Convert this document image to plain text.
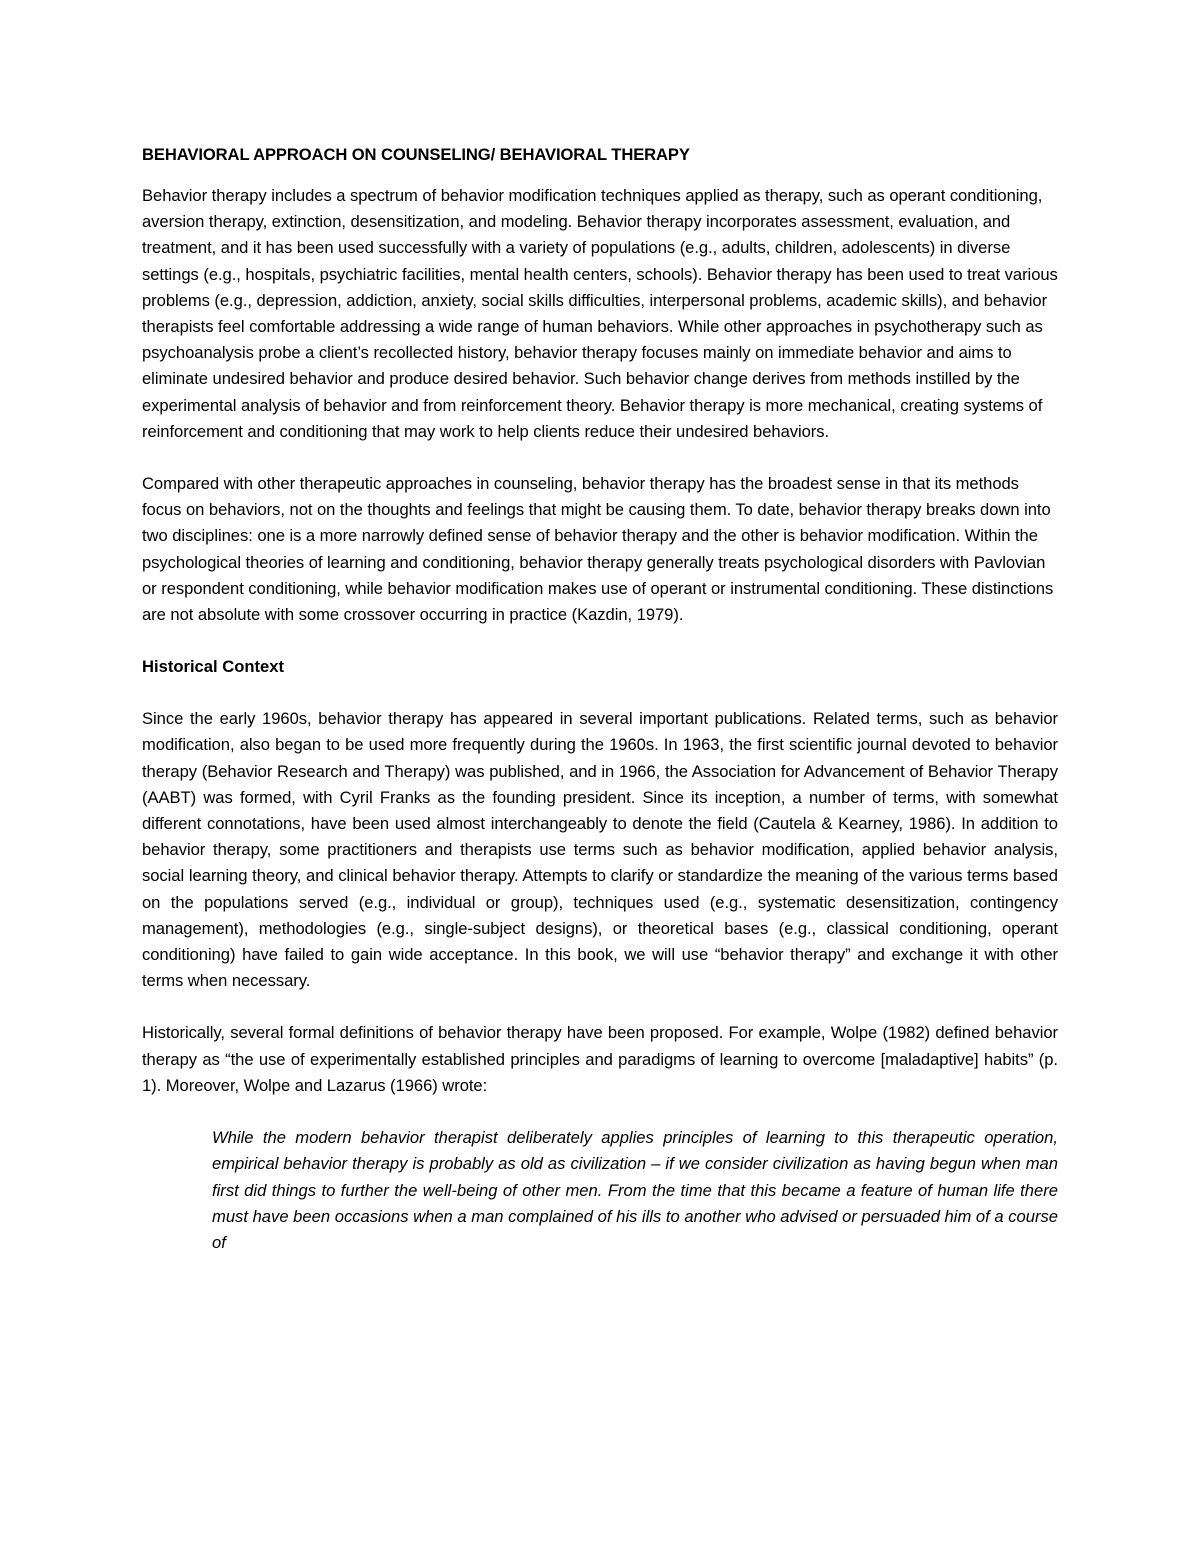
BEHAVIORAL APPROACH ON COUNSELING/ BEHAVIORAL THERAPY

Behavior therapy includes a spectrum of behavior modification techniques applied as therapy, such as operant conditioning, aversion therapy, extinction, desensitization, and modeling. Behavior therapy incorporates assessment, evaluation, and treatment, and it has been used successfully with a variety of populations (e.g., adults, children, adolescents) in diverse settings (e.g., hospitals, psychiatric facilities, mental health centers, schools). Behavior therapy has been used to treat various problems (e.g., depression, addiction, anxiety, social skills difficulties, interpersonal problems, academic skills), and behavior therapists feel comfortable addressing a wide range of human behaviors. While other approaches in psychotherapy such as psychoanalysis probe a client’s recollected history, behavior therapy focuses mainly on immediate behavior and aims to eliminate undesired behavior and produce desired behavior. Such behavior change derives from methods instilled by the experimental analysis of behavior and from reinforcement theory. Behavior therapy is more mechanical, creating systems of reinforcement and conditioning that may work to help clients reduce their undesired behaviors.

Compared with other therapeutic approaches in counseling, behavior therapy has the broadest sense in that its methods focus on behaviors, not on the thoughts and feelings that might be causing them. To date, behavior therapy breaks down into two disciplines: one is a more narrowly defined sense of behavior therapy and the other is behavior modification. Within the psychological theories of learning and conditioning, behavior therapy generally treats psychological disorders with Pavlovian or respondent conditioning, while behavior modification makes use of operant or instrumental conditioning. These distinctions are not absolute with some crossover occurring in practice (Kazdin, 1979).

Historical Context

Since the early 1960s, behavior therapy has appeared in several important publications. Related terms, such as behavior modification, also began to be used more frequently during the 1960s. In 1963, the first scientific journal devoted to behavior therapy (Behavior Research and Therapy) was published, and in 1966, the Association for Advancement of Behavior Therapy (AABT) was formed, with Cyril Franks as the founding president. Since its inception, a number of terms, with somewhat different connotations, have been used almost interchangeably to denote the field (Cautela & Kearney, 1986). In addition to behavior therapy, some practitioners and therapists use terms such as behavior modification, applied behavior analysis, social learning theory, and clinical behavior therapy. Attempts to clarify or standardize the meaning of the various terms based on the populations served (e.g., individual or group), techniques used (e.g., systematic desensitization, contingency management), methodologies (e.g., single-subject designs), or theoretical bases (e.g., classical conditioning, operant conditioning) have failed to gain wide acceptance. In this book, we will use “behavior therapy” and exchange it with other terms when necessary.

Historically, several formal definitions of behavior therapy have been proposed. For example, Wolpe (1982) defined behavior therapy as “the use of experimentally established principles and paradigms of learning to overcome [maladaptive] habits” (p. 1). Moreover, Wolpe and Lazarus (1966) wrote:

While the modern behavior therapist deliberately applies principles of learning to this therapeutic operation, empirical behavior therapy is probably as old as civilization – if we consider civilization as having begun when man first did things to further the well-being of other men. From the time that this became a feature of human life there must have been occasions when a man complained of his ills to another who advised or persuaded him of a course of
